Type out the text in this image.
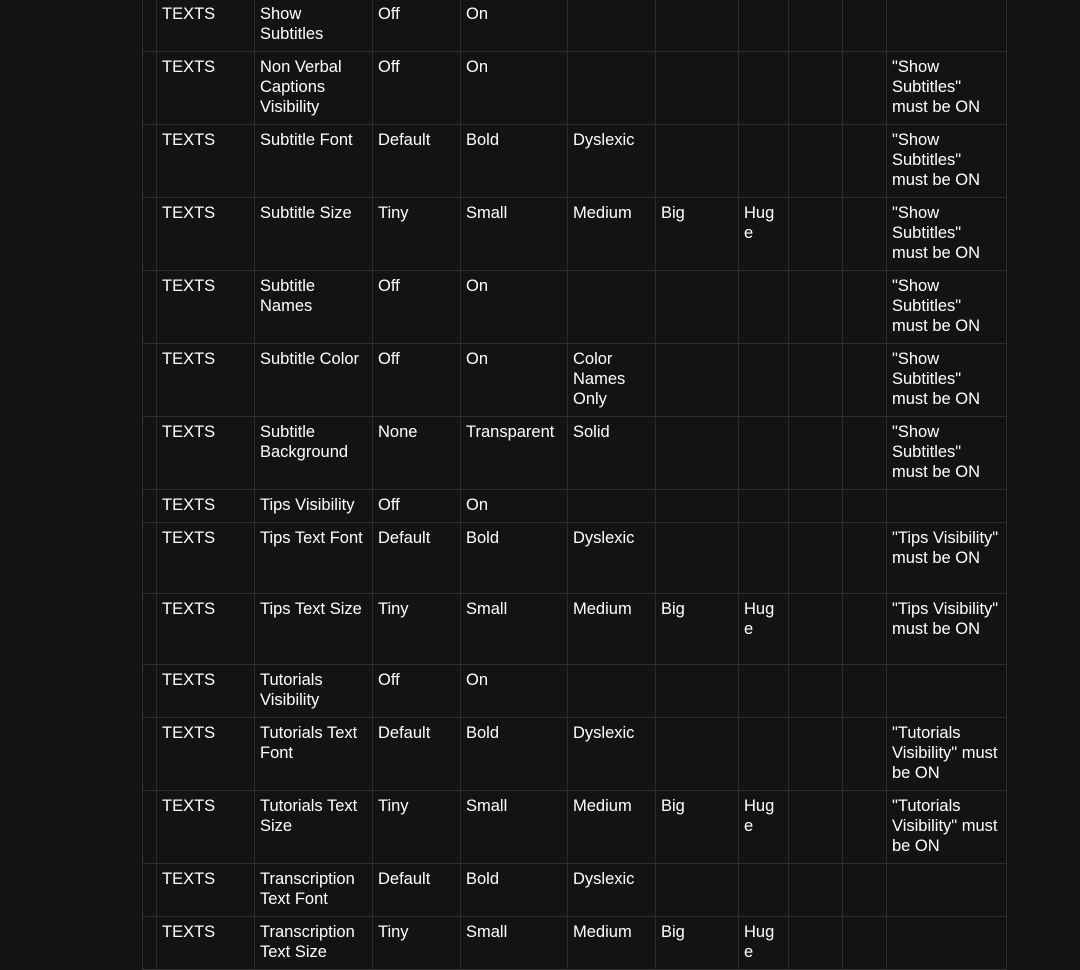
	TEXTS	Show Subtitles	Off	On						
	TEXTS	Non Verbal Captions Visibility	Off	On						"Show Subtitles" must be ON
	TEXTS	Subtitle Font	Default	Bold	Dyslexic					"Show Subtitles" must be ON
	TEXTS	Subtitle Size	Tiny	Small	Medium	Big	Huge			"Show Subtitles" must be ON
	TEXTS	Subtitle Names	Off	On						"Show Subtitles" must be ON
	TEXTS	Subtitle Color	Off	On	Color Names Only					"Show Subtitles" must be ON
	TEXTS	Subtitle Background	None	Transparent	Solid					"Show Subtitles" must be ON
	TEXTS	Tips Visibility	Off	On						
	TEXTS	Tips Text Font	Default	Bold	Dyslexic					"Tips Visibility" must be ON
	TEXTS	Tips Text Size	Tiny	Small	Medium	Big	Huge			"Tips Visibility" must be ON
	TEXTS	Tutorials Visibility	Off	On						
	TEXTS	Tutorials Text Font	Default	Bold	Dyslexic					"Tutorials Visibility" must be ON
	TEXTS	Tutorials Text Size	Tiny	Small	Medium	Big	Huge			"Tutorials Visibility" must be ON
	TEXTS	Transcription Text Font	Default	Bold	Dyslexic					
	TEXTS	Transcription Text Size	Tiny	Small	Medium	Big	Huge			
